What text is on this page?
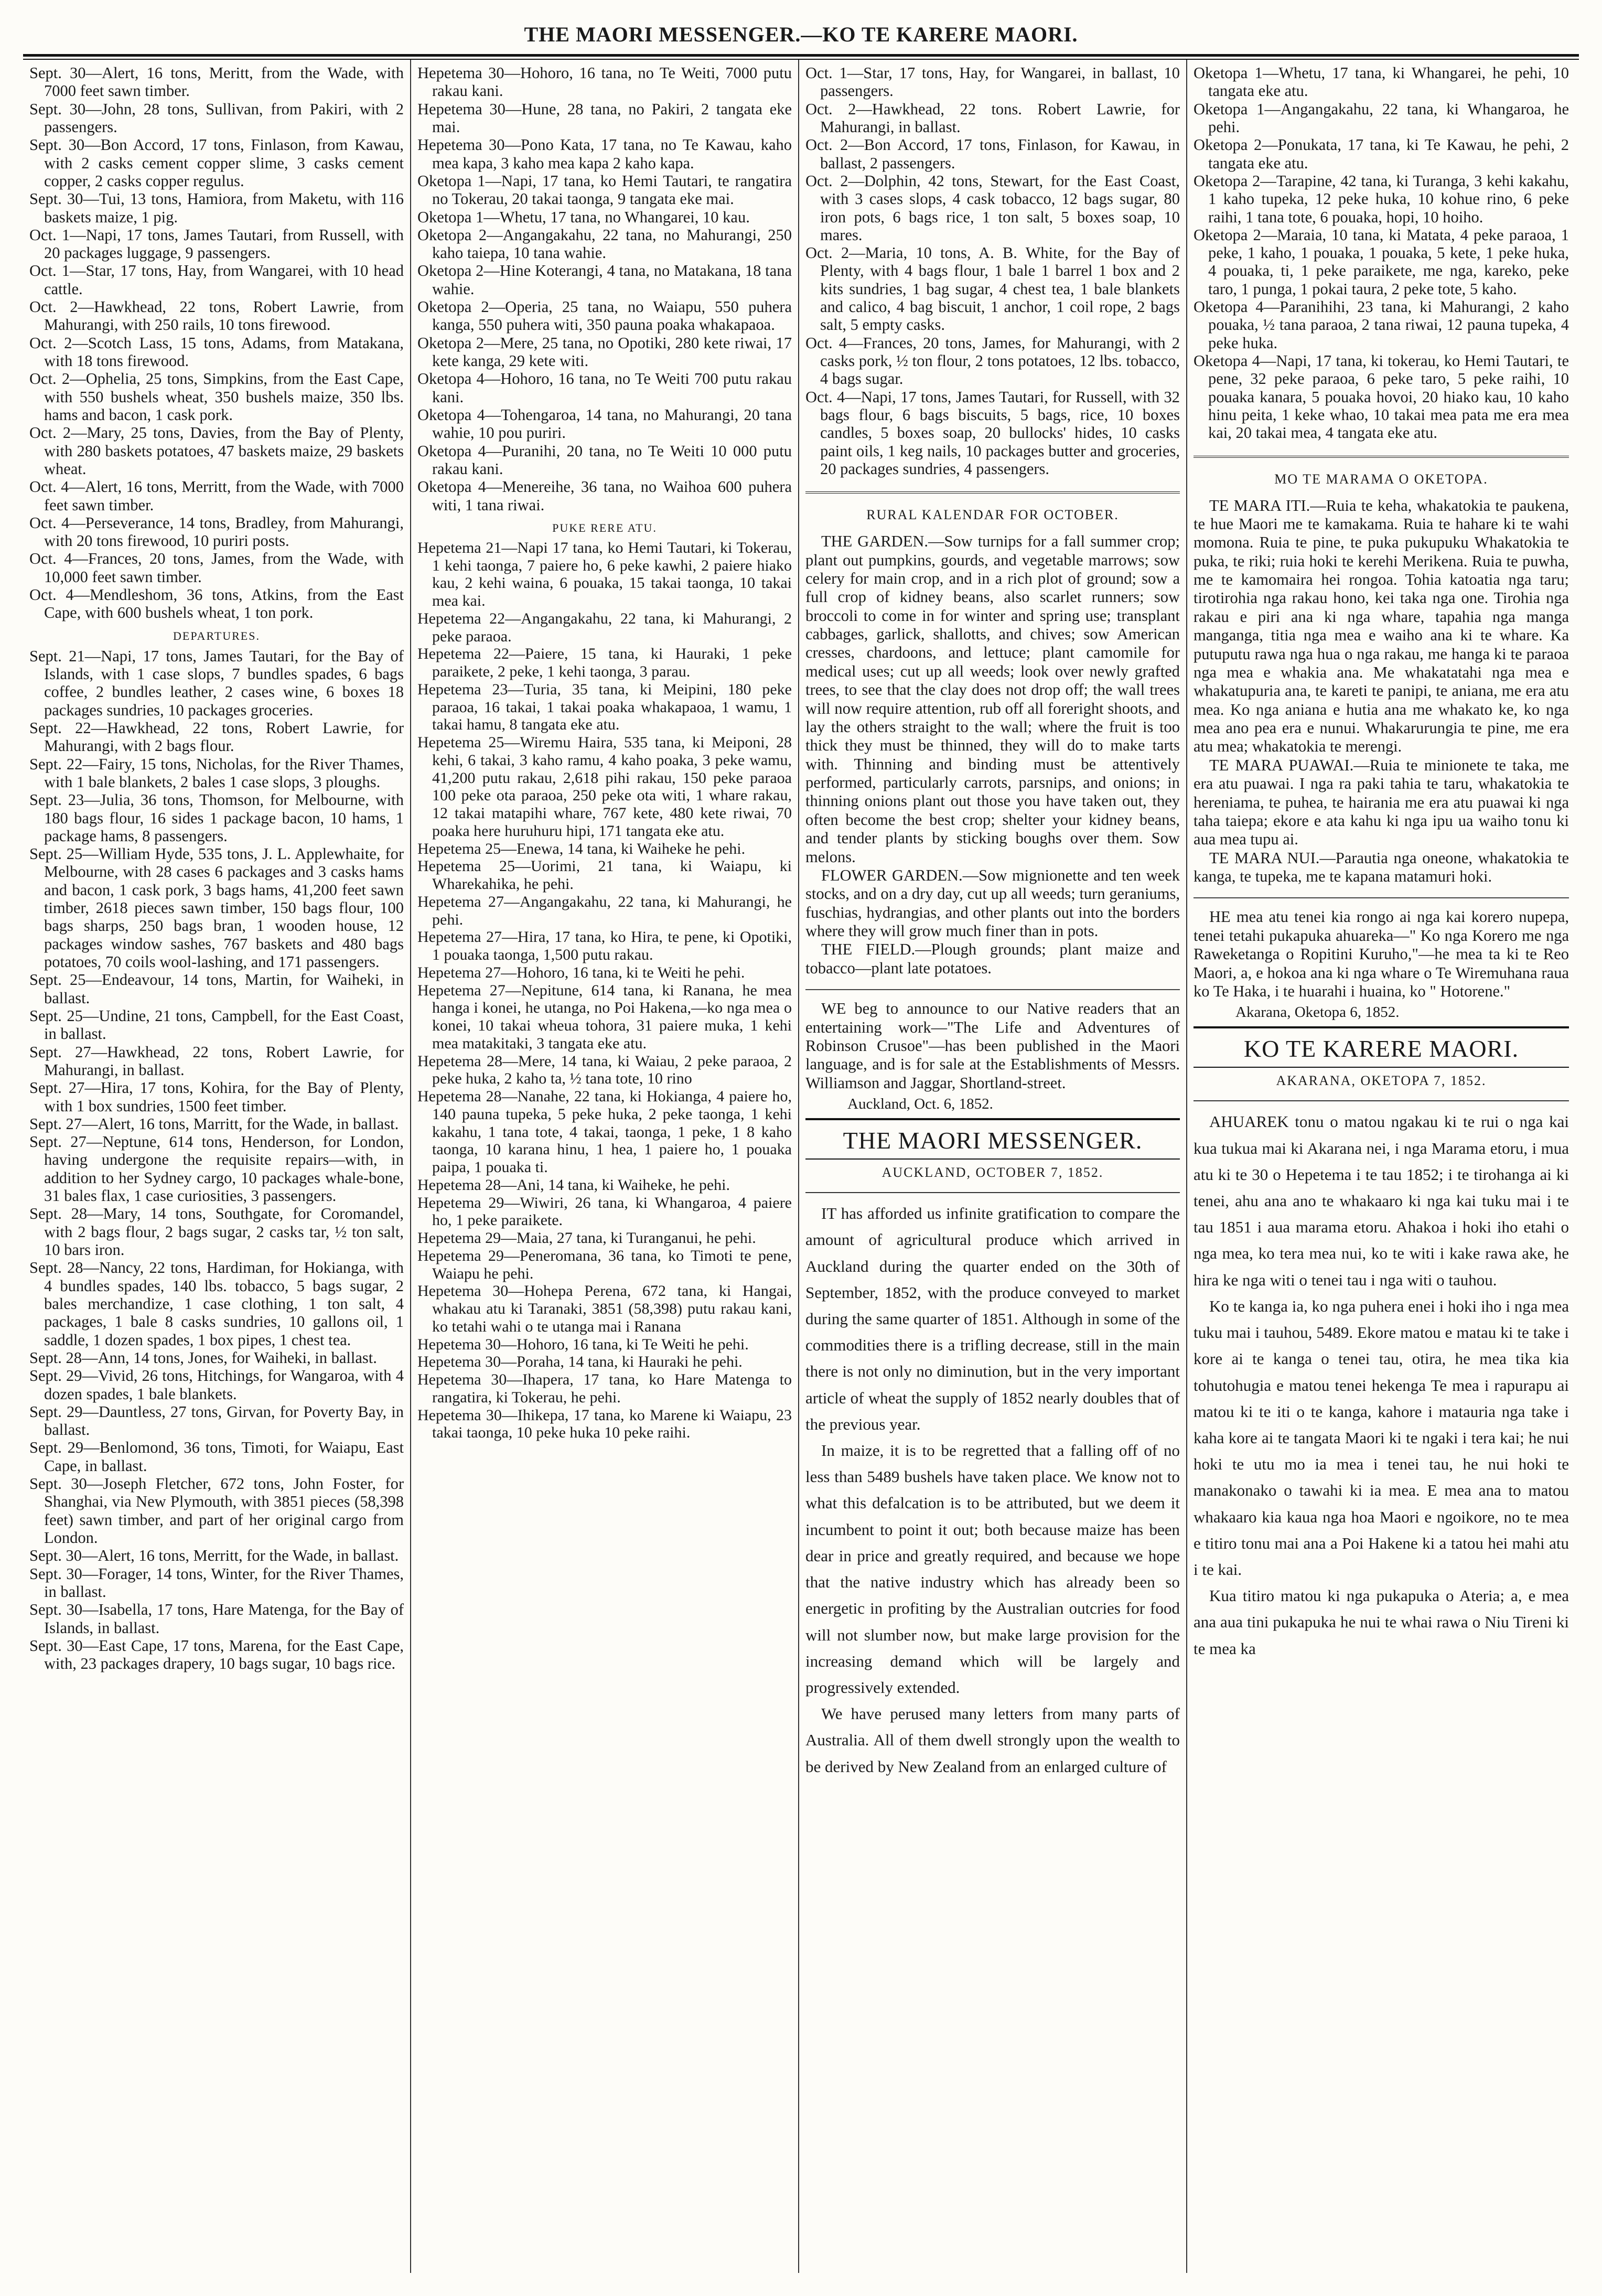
THE MAORI MESSENGER.—KO TE KARERE MAORI.

Sept. 30—Alert, 16 tons, Meritt, from the Wade, with 7000 feet sawn timber.

Sept. 30—John, 28 tons, Sullivan, from Pakiri, with 2 passengers.

Sept. 30—Bon Accord, 17 tons, Finlason, from Kawau, with 2 casks cement copper slime, 3 casks cement copper, 2 casks copper regulus.

Sept. 30—Tui, 13 tons, Hamiora, from Maketu, with 116 baskets maize, 1 pig.

Oct. 1—Napi, 17 tons, James Tautari, from Russell, with 20 packages luggage, 9 passengers.

Oct. 1—Star, 17 tons, Hay, from Wangarei, with 10 head cattle.

Oct. 2—Hawkhead, 22 tons, Robert Lawrie, from Mahurangi, with 250 rails, 10 tons firewood.

Oct. 2—Scotch Lass, 15 tons, Adams, from Matakana, with 18 tons firewood.

Oct. 2—Ophelia, 25 tons, Simpkins, from the East Cape, with 550 bushels wheat, 350 bushels maize, 350 lbs. hams and bacon, 1 cask pork.

Oct. 2—Mary, 25 tons, Davies, from the Bay of Plenty, with 280 baskets potatoes, 47 baskets maize, 29 baskets wheat.

Oct. 4—Alert, 16 tons, Merritt, from the Wade, with 7000 feet sawn timber.

Oct. 4—Perseverance, 14 tons, Bradley, from Mahurangi, with 20 tons firewood, 10 puriri posts.

Oct. 4—Frances, 20 tons, James, from the Wade, with 10,000 feet sawn timber.

Oct. 4—Mendleshom, 36 tons, Atkins, from the East Cape, with 600 bushels wheat, 1 ton pork.

DEPARTURES.

Sept. 21—Napi, 17 tons, James Tautari, for the Bay of Islands, with 1 case slops, 7 bundles spades, 6 bags coffee, 2 bundles leather, 2 cases wine, 6 boxes 18 packages sundries, 10 packages groceries.

Sept. 22—Hawkhead, 22 tons, Robert Lawrie, for Mahurangi, with 2 bags flour.

Sept. 22—Fairy, 15 tons, Nicholas, for the River Thames, with 1 bale blankets, 2 bales 1 case slops, 3 ploughs.

Sept. 23—Julia, 36 tons, Thomson, for Melbourne, with 180 bags flour, 16 sides 1 package bacon, 10 hams, 1 package hams, 8 passengers.

Sept. 25—William Hyde, 535 tons, J. L. Applewhaite, for Melbourne, with 28 cases 6 packages and 3 casks hams and bacon, 1 cask pork, 3 bags hams, 41,200 feet sawn timber, 2618 pieces sawn timber, 150 bags flour, 100 bags sharps, 250 bags bran, 1 wooden house, 12 packages window sashes, 767 baskets and 480 bags potatoes, 70 coils wool-lashing, and 171 passengers.

Sept. 25—Endeavour, 14 tons, Martin, for Waiheki, in ballast.

Sept. 25—Undine, 21 tons, Campbell, for the East Coast, in ballast.

Sept. 27—Hawkhead, 22 tons, Robert Lawrie, for Mahurangi, in ballast.

Sept. 27—Hira, 17 tons, Kohira, for the Bay of Plenty, with 1 box sundries, 1500 feet timber.

Sept. 27—Alert, 16 tons, Marritt, for the Wade, in ballast.

Sept. 27—Neptune, 614 tons, Henderson, for London, having undergone the requisite repairs—with, in addition to her Sydney cargo, 10 packages whale-bone, 31 bales flax, 1 case curiosities, 3 passengers.

Sept. 28—Mary, 14 tons, Southgate, for Coromandel, with 2 bags flour, 2 bags sugar, 2 casks tar, ½ ton salt, 10 bars iron.

Sept. 28—Nancy, 22 tons, Hardiman, for Hokianga, with 4 bundles spades, 140 lbs. tobacco, 5 bags sugar, 2 bales merchandize, 1 case clothing, 1 ton salt, 4 packages, 1 bale 8 casks sundries, 10 gallons oil, 1 saddle, 1 dozen spades, 1 box pipes, 1 chest tea.

Sept. 28—Ann, 14 tons, Jones, for Waiheki, in ballast.

Sept. 29—Vivid, 26 tons, Hitchings, for Wangaroa, with 4 dozen spades, 1 bale blankets.

Sept. 29—Dauntless, 27 tons, Girvan, for Poverty Bay, in ballast.

Sept. 29—Benlomond, 36 tons, Timoti, for Waiapu, East Cape, in ballast.

Sept. 30—Joseph Fletcher, 672 tons, John Foster, for Shanghai, via New Plymouth, with 3851 pieces (58,398 feet) sawn timber, and part of her original cargo from London.

Sept. 30—Alert, 16 tons, Merritt, for the Wade, in ballast.

Sept. 30—Forager, 14 tons, Winter, for the River Thames, in ballast.

Sept. 30—Isabella, 17 tons, Hare Matenga, for the Bay of Islands, in ballast.

Sept. 30—East Cape, 17 tons, Marena, for the East Cape, with, 23 packages drapery, 10 bags sugar, 10 bags rice.

Hepetema 30—Hohoro, 16 tana, no Te Weiti, 7000 putu rakau kani.

Hepetema 30—Hune, 28 tana, no Pakiri, 2 tangata eke mai.

Hepetema 30—Pono Kata, 17 tana, no Te Kawau, kaho mea kapa, 3 kaho mea kapa 2 kaho kapa.

Oketopa 1—Napi, 17 tana, ko Hemi Tautari, te rangatira no Tokerau, 20 takai taonga, 9 tangata eke mai.

Oketopa 1—Whetu, 17 tana, no Whangarei, 10 kau.

Oketopa 2—Angangakahu, 22 tana, no Mahurangi, 250 kaho taiepa, 10 tana wahie.

Oketopa 2—Hine Koterangi, 4 tana, no Matakana, 18 tana wahie.

Oketopa 2—Operia, 25 tana, no Waiapu, 550 puhera kanga, 550 puhera witi, 350 pauna poaka whakapaoa.

Oketopa 2—Mere, 25 tana, no Opotiki, 280 kete riwai, 17 kete kanga, 29 kete witi.

Oketopa 4—Hohoro, 16 tana, no Te Weiti 700 putu rakau kani.

Oketopa 4—Tohengaroa, 14 tana, no Mahurangi, 20 tana wahie, 10 pou puriri.

Oketopa 4—Puranihi, 20 tana, no Te Weiti 10 000 putu rakau kani.

Oketopa 4—Menereihe, 36 tana, no Waihoa 600 puhera witi, 1 tana riwai.

PUKE RERE ATU.

Hepetema 21—Napi 17 tana, ko Hemi Tautari, ki Tokerau, 1 kehi taonga, 7 paiere ho, 6 peke kawhi, 2 paiere hiako kau, 2 kehi waina, 6 pouaka, 15 takai taonga, 10 takai mea kai.

Hepetema 22—Angangakahu, 22 tana, ki Mahurangi, 2 peke paraoa.

Hepetema 22—Paiere, 15 tana, ki Hauraki, 1 peke paraikete, 2 peke, 1 kehi taonga, 3 parau.

Hepetema 23—Turia, 35 tana, ki Meipini, 180 peke paraoa, 16 takai, 1 takai poaka whakapaoa, 1 wamu, 1 takai hamu, 8 tangata eke atu.

Hepetema 25—Wiremu Haira, 535 tana, ki Meiponi, 28 kehi, 6 takai, 3 kaho ramu, 4 kaho poaka, 3 peke wamu, 41,200 putu rakau, 2,618 pihi rakau, 150 peke paraoa 100 peke ota paraoa, 250 peke ota witi, 1 whare rakau, 12 takai matapihi whare, 767 kete, 480 kete riwai, 70 poaka here huruhuru hipi, 171 tangata eke atu.

Hepetema 25—Enewa, 14 tana, ki Waiheke he pehi.

Hepetema 25—Uorimi, 21 tana, ki Waiapu, ki Wharekahika, he pehi.

Hepetema 27—Angangakahu, 22 tana, ki Mahurangi, he pehi.

Hepetema 27—Hira, 17 tana, ko Hira, te pene, ki Opotiki, 1 pouaka taonga, 1,500 putu rakau.

Hepetema 27—Hohoro, 16 tana, ki te Weiti he pehi.

Hepetema 27—Nepitune, 614 tana, ki Ranana, he mea hanga i konei, he utanga, no Poi Hakena,—ko nga mea o konei, 10 takai wheua tohora, 31 paiere muka, 1 kehi mea matakitaki, 3 tangata eke atu.

Hepetema 28—Mere, 14 tana, ki Waiau, 2 peke paraoa, 2 peke huka, 2 kaho ta, ½ tana tote, 10 rino

Hepetema 28—Nanahe, 22 tana, ki Hokianga, 4 paiere ho, 140 pauna tupeka, 5 peke huka, 2 peke taonga, 1 kehi kakahu, 1 tana tote, 4 takai, taonga, 1 peke, 1 8 kaho taonga, 10 karana hinu, 1 hea, 1 paiere ho, 1 pouaka paipa, 1 pouaka ti.

Hepetema 28—Ani, 14 tana, ki Waiheke, he pehi.

Hepetema 29—Wiwiri, 26 tana, ki Whangaroa, 4 paiere ho, 1 peke paraikete.

Hepetema 29—Maia, 27 tana, ki Turanganui, he pehi.

Hepetema 29—Peneromana, 36 tana, ko Timoti te pene, Waiapu he pehi.

Hepetema 30—Hohepa Perena, 672 tana, ki Hangai, whakau atu ki Taranaki, 3851 (58,398) putu rakau kani, ko tetahi wahi o te utanga mai i Ranana

Hepetema 30—Hohoro, 16 tana, ki Te Weiti he pehi.

Hepetema 30—Poraha, 14 tana, ki Hauraki he pehi.

Hepetema 30—Ihapera, 17 tana, ko Hare Matenga to rangatira, ki Tokerau, he pehi.

Hepetema 30—Ihikepa, 17 tana, ko Marene ki Waiapu, 23 takai taonga, 10 peke huka 10 peke raihi.

Oct. 1—Star, 17 tons, Hay, for Wangarei, in ballast, 10 passengers.

Oct. 2—Hawkhead, 22 tons. Robert Lawrie, for Mahurangi, in ballast.

Oct. 2—Bon Accord, 17 tons, Finlason, for Kawau, in ballast, 2 passengers.

Oct. 2—Dolphin, 42 tons, Stewart, for the East Coast, with 3 cases slops, 4 cask tobacco, 12 bags sugar, 80 iron pots, 6 bags rice, 1 ton salt, 5 boxes soap, 10 mares.

Oct. 2—Maria, 10 tons, A. B. White, for the Bay of Plenty, with 4 bags flour, 1 bale 1 barrel 1 box and 2 kits sundries, 1 bag sugar, 4 chest tea, 1 bale blankets and calico, 4 bag biscuit, 1 anchor, 1 coil rope, 2 bags salt, 5 empty casks.

Oct. 4—Frances, 20 tons, James, for Mahurangi, with 2 casks pork, ½ ton flour, 2 tons potatoes, 12 lbs. tobacco, 4 bags sugar.

Oct. 4—Napi, 17 tons, James Tautari, for Russell, with 32 bags flour, 6 bags biscuits, 5 bags, rice, 10 boxes candles, 5 boxes soap, 20 bullocks' hides, 10 casks paint oils, 1 keg nails, 10 packages butter and groceries, 20 packages sundries, 4 passengers.

RURAL KALENDAR FOR OCTOBER.

THE GARDEN.—Sow turnips for a fall summer crop; plant out pumpkins, gourds, and vegetable marrows; sow celery for main crop, and in a rich plot of ground; sow a full crop of kidney beans, also scarlet runners; sow broccoli to come in for winter and spring use; transplant cabbages, garlick, shallotts, and chives; sow American cresses, chardoons, and lettuce; plant camomile for medical uses; cut up all weeds; look over newly grafted trees, to see that the clay does not drop off; the wall trees will now require attention, rub off all foreright shoots, and lay the others straight to the wall; where the fruit is too thick they must be thinned, they will do to make tarts with. Thinning and binding must be attentively performed, particularly carrots, parsnips, and onions; in thinning onions plant out those you have taken out, they often become the best crop; shelter your kidney beans, and tender plants by sticking boughs over them. Sow melons.

FLOWER GARDEN.—Sow mignionette and ten week stocks, and on a dry day, cut up all weeds; turn geraniums, fuschias, hydrangias, and other plants out into the borders where they will grow much finer than in pots.

THE FIELD.—Plough grounds; plant maize and tobacco—plant late potatoes.

WE beg to announce to our Native readers that an entertaining work—"The Life and Adventures of Robinson Crusoe"—has been published in the Maori language, and is for sale at the Establishments of Messrs. Williamson and Jaggar, Shortland-street.

Auckland, Oct. 6, 1852.
THE MAORI MESSENGER.
AUCKLAND, OCTOBER 7, 1852.

IT has afforded us infinite gratification to compare the amount of agricultural produce which arrived in Auckland during the quarter ended on the 30th of September, 1852, with the produce conveyed to market during the same quarter of 1851. Although in some of the commodities there is a trifling decrease, still in the main there is not only no diminution, but in the very important article of wheat the supply of 1852 nearly doubles that of the previous year.

In maize, it is to be regretted that a falling off of no less than 5489 bushels have taken place. We know not to what this defalcation is to be attributed, but we deem it incumbent to point it out; both because maize has been dear in price and greatly required, and because we hope that the native industry which has already been so energetic in profiting by the Australian outcries for food will not slumber now, but make large provision for the increasing demand which will be largely and progressively extended.

We have perused many letters from many parts of Australia. All of them dwell strongly upon the wealth to be derived by New Zealand from an enlarged culture of

Oketopa 1—Whetu, 17 tana, ki Whangarei, he pehi, 10 tangata eke atu.

Oketopa 1—Angangakahu, 22 tana, ki Whangaroa, he pehi.

Oketopa 2—Ponukata, 17 tana, ki Te Kawau, he pehi, 2 tangata eke atu.

Oketopa 2—Tarapine, 42 tana, ki Turanga, 3 kehi kakahu, 1 kaho tupeka, 12 peke huka, 10 kohue rino, 6 peke raihi, 1 tana tote, 6 pouaka, hopi, 10 hoiho.

Oketopa 2—Maraia, 10 tana, ki Matata, 4 peke paraoa, 1 peke, 1 kaho, 1 pouaka, 1 pouaka, 5 kete, 1 peke huka, 4 pouaka, ti, 1 peke paraikete, me nga, kareko, peke taro, 1 punga, 1 pokai taura, 2 peke tote, 5 kaho.

Oketopa 4—Paranihihi, 23 tana, ki Mahurangi, 2 kaho pouaka, ½ tana paraoa, 2 tana riwai, 12 pauna tupeka, 4 peke huka.

Oketopa 4—Napi, 17 tana, ki tokerau, ko Hemi Tautari, te pene, 32 peke paraoa, 6 peke taro, 5 peke raihi, 10 pouaka kanara, 5 pouaka hovoi, 20 hiako kau, 10 kaho hinu peita, 1 keke whao, 10 takai mea pata me era mea kai, 20 takai mea, 4 tangata eke atu.

MO TE MARAMA O OKETOPA.

TE MARA ITI.—Ruia te keha, whakatokia te paukena, te hue Maori me te kamakama. Ruia te hahare ki te wahi momona. Ruia te pine, te puka pukupuku Whakatokia te puka, te riki; ruia hoki te kerehi Merikena. Ruia te puwha, me te kamomaira hei rongoa. Tohia katoatia nga taru; tirotirohia nga rakau hono, kei taka nga one. Tirohia nga rakau e piri ana ki nga whare, tapahia nga manga manganga, titia nga mea e waiho ana ki te whare. Ka putuputu rawa nga hua o nga rakau, me hanga ki te paraoa nga mea e whakia ana. Me whakatatahi nga mea e whakatupuria ana, te kareti te panipi, te aniana, me era atu mea. Ko nga aniana e hutia ana me whakato ke, ko nga mea ano pea era e nunui. Whakarurungia te pine, me era atu mea; whakatokia te merengi.

TE MARA PUAWAI.—Ruia te minionete te taka, me era atu puawai. I nga ra paki tahia te taru, whakatokia te hereniama, te puhea, te hairania me era atu puawai ki nga taha taiepa; ekore e ata kahu ki nga ipu ua waiho tonu ki aua mea tupu ai.

TE MARA NUI.—Parautia nga oneone, whakatokia te kanga, te tupeka, me te kapana matamuri hoki.

HE mea atu tenei kia rongo ai nga kai korero nupepa, tenei tetahi pukapuka ahuareka—" Ko nga Korero me nga Raweketanga o Ropitini Kuruho,"—he mea ta ki te Reo Maori, a, e hokoa ana ki nga whare o Te Wiremuhana raua ko Te Haka, i te huarahi i huaina, ko " Hotorene."

Akarana, Oketopa 6, 1852.
KO TE KARERE MAORI.
AKARANA, OKETOPA 7, 1852.

AHUAREK tonu o matou ngakau ki te rui o nga kai kua tukua mai ki Akarana nei, i nga Marama etoru, i mua atu ki te 30 o Hepetema i te tau 1852; i te tirohanga ai ki tenei, ahu ana ano te whakaaro ki nga kai tuku mai i te tau 1851 i aua marama etoru. Ahakoa i hoki iho etahi o nga mea, ko tera mea nui, ko te witi i kake rawa ake, he hira ke nga witi o tenei tau i nga witi o tauhou.

Ko te kanga ia, ko nga puhera enei i hoki iho i nga mea tuku mai i tauhou, 5489. Ekore matou e matau ki te take i kore ai te kanga o tenei tau, otira, he mea tika kia tohutohugia e matou tenei hekenga Te mea i rapurapu ai matou ki te iti o te kanga, kahore i matauria nga take i kaha kore ai te tangata Maori ki te ngaki i tera kai; he nui hoki te utu mo ia mea i tenei tau, he nui hoki te manakonako o tawahi ki ia mea. E mea ana to matou whakaaro kia kaua nga hoa Maori e ngoikore, no te mea e titiro tonu mai ana a Poi Hakene ki a tatou hei mahi atu i te kai.

Kua titiro matou ki nga pukapuka o Ateria; a, e mea ana aua tini pukapuka he nui te whai rawa o Niu Tireni ki te mea ka
